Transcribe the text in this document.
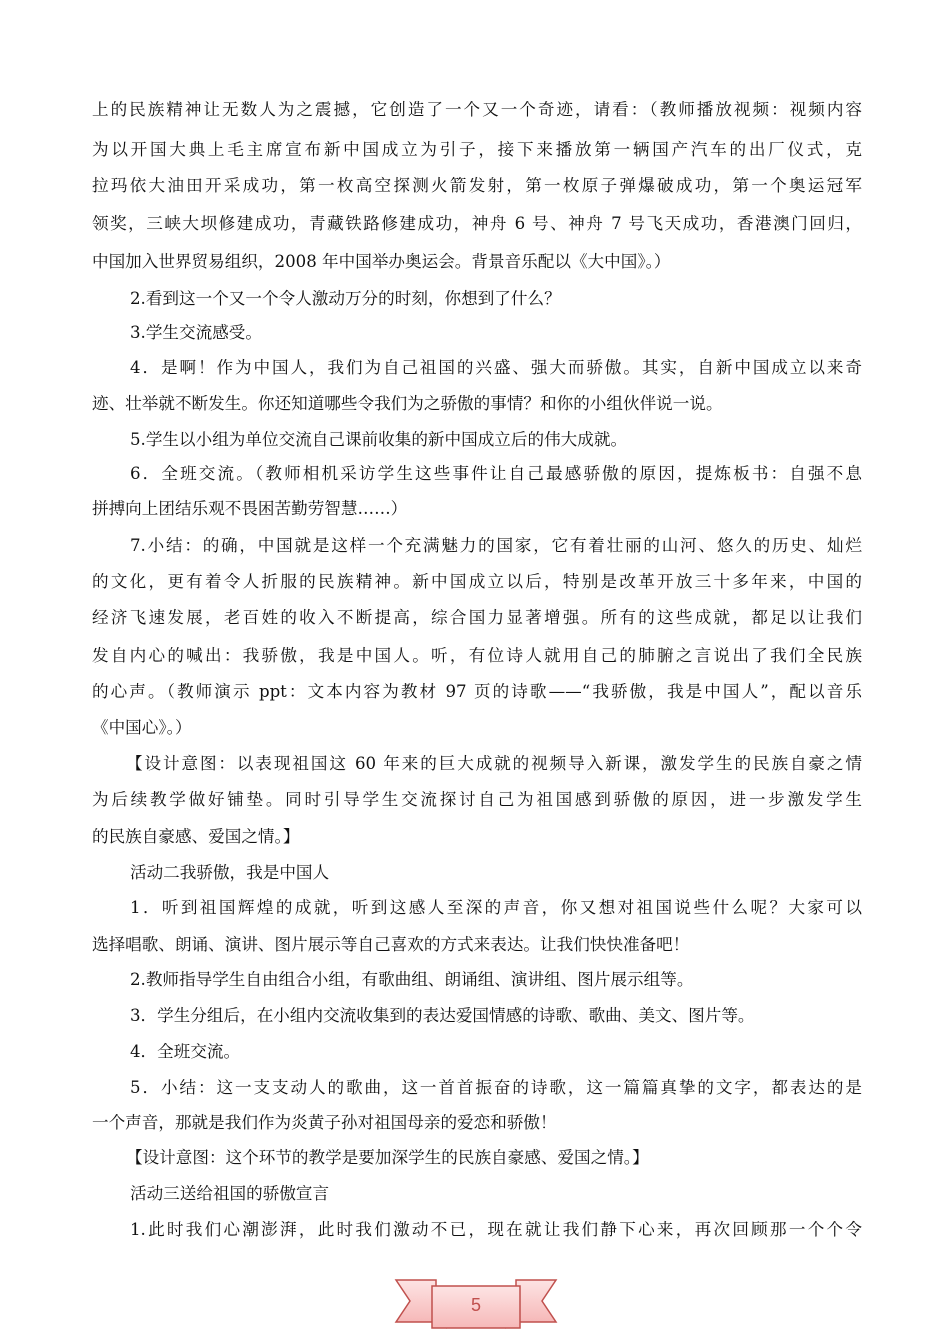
上的民族精神让无数人为之震撼，它创造了一个又一个奇迹，请看：（教师播放视频：视频内容

为以开国大典上毛主席宣布新中国成立为引子，接下来播放第一辆国产汽车的出厂仪式，克

拉玛依大油田开采成功，第一枚高空探测火箭发射，第一枚原子弹爆破成功，第一个奥运冠军

领奖，三峡大坝修建成功，青藏铁路修建成功，神舟 6 号、神舟 7 号飞天成功，香港澳门回归，

中国加入世界贸易组织，2008 年中国举办奥运会。背景音乐配以《大中国》。）

2.看到这一个又一个令人激动万分的时刻，你想到了什么？

3.学生交流感受。

4．是啊！作为中国人，我们为自己祖国的兴盛、强大而骄傲。其实，自新中国成立以来奇

迹、壮举就不断发生。你还知道哪些令我们为之骄傲的事情？和你的小组伙伴说一说。

5.学生以小组为单位交流自己课前收集的新中国成立后的伟大成就。

6．全班交流。（教师相机采访学生这些事件让自己最感骄傲的原因，提炼板书：自强不息

拼搏向上团结乐观不畏困苦勤劳智慧……）

7.小结：的确，中国就是这样一个充满魅力的国家，它有着壮丽的山河、悠久的历史、灿烂

的文化，更有着令人折服的民族精神。新中国成立以后，特别是改革开放三十多年来，中国的

经济飞速发展，老百姓的收入不断提高，综合国力显著增强。所有的这些成就，都足以让我们

发自内心的喊出：我骄傲，我是中国人。听，有位诗人就用自己的肺腑之言说出了我们全民族

的心声。（教师演示 ppt：文本内容为教材 97 页的诗歌——“我骄傲，我是中国人”，配以音乐

《中国心》。）

【设计意图：以表现祖国这 60 年来的巨大成就的视频导入新课，激发学生的民族自豪之情

为后续教学做好铺垫。同时引导学生交流探讨自己为祖国感到骄傲的原因，进一步激发学生

的民族自豪感、爱国之情。】

活动二我骄傲，我是中国人

1．听到祖国辉煌的成就，听到这感人至深的声音，你又想对祖国说些什么呢？大家可以

选择唱歌、朗诵、演讲、图片展示等自己喜欢的方式来表达。让我们快快准备吧！

2.教师指导学生自由组合小组，有歌曲组、朗诵组、演讲组、图片展示组等。

3．学生分组后，在小组内交流收集到的表达爱国情感的诗歌、歌曲、美文、图片等。

4．全班交流。

5．小结：这一支支动人的歌曲，这一首首振奋的诗歌，这一篇篇真挚的文字，都表达的是

一个声音，那就是我们作为炎黄子孙对祖国母亲的爱恋和骄傲！

【设计意图：这个环节的教学是要加深学生的民族自豪感、爱国之情。】

活动三送给祖国的骄傲宣言

1.此时我们心潮澎湃，此时我们激动不已，现在就让我们静下心来，再次回顾那一个个令

5
